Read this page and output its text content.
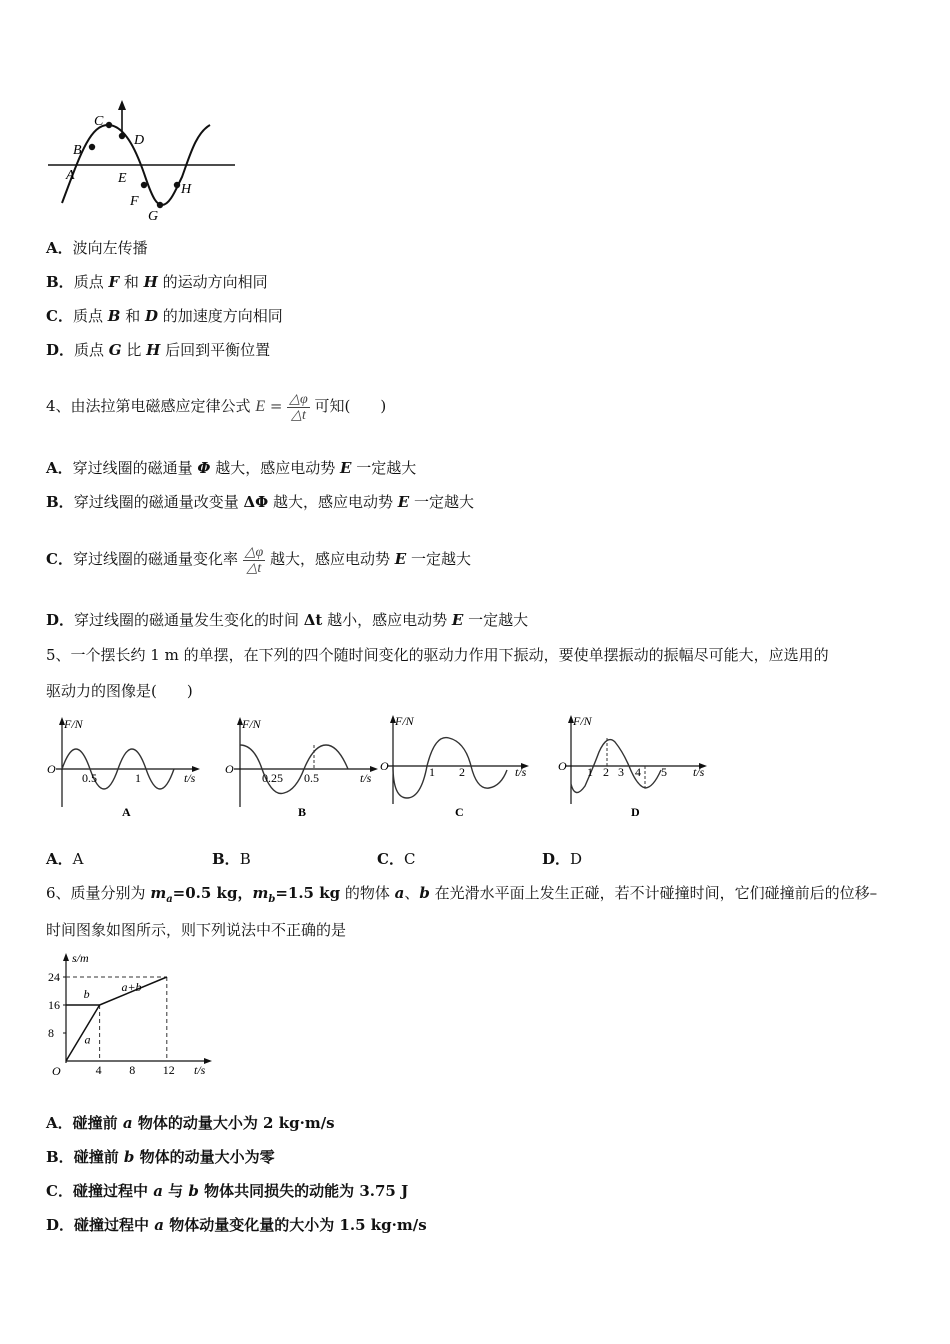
A
B
C
D
E
F
G
H
A．波向左传播
B．质点 F 和 H 的运动方向相同
C．质点 B 和 D 的加速度方向相同
D．质点 G 比 H 后回到平衡位置
4、由法拉第电磁感应定律公式 $E = \frac{\triangle\varphi}{\triangle t}$ 可知(　　)
A．穿过线圈的磁通量 Φ 越大，感应电动势 E 一定越大
B．穿过线圈的磁通量改变量 ΔΦ 越大，感应电动势 E 一定越大
C．穿过线圈的磁通量变化率 $\frac{\triangle\varphi}{\triangle t}$ 越大，感应电动势 E 一定越大
D．穿过线圈的磁通量发生变化的时间 Δt 越小，感应电动势 E 一定越大
5、一个摆长约 1 m 的单摆，在下列的四个随时间变化的驱动力作用下振动，要使单摆振动的振幅尽可能大，应选用的
驱动力的图像是(　　)
F/N
O
0.5	1	t/s
A
F/N
O
0.25 0.5	t/s
B
F/N
O	1 2	t/s
C
F/N
O 1 2 3 4 5 t/s
D
A．A	B．B	C．C	D．D
6、质量分别为 $m_a=0.5$ kg，$m_b=1.5$ kg 的物体 a、b 在光滑水平面上发生正碰，若不计碰撞时间，它们碰撞前后的位移–
时间图象如图所示，则下列说法中不正确的是
a
b	a+b
4 8 12
8
16
24
s/m
t/s
O
A．碰撞前 a 物体的动量大小为 2 kg·m/s
B．碰撞前 b 物体的动量大小为零
C．碰撞过程中 a 与 b 物体共同损失的动能为 3.75 J
D．碰撞过程中 a 物体动量变化量的大小为 1.5 kg·m/s
